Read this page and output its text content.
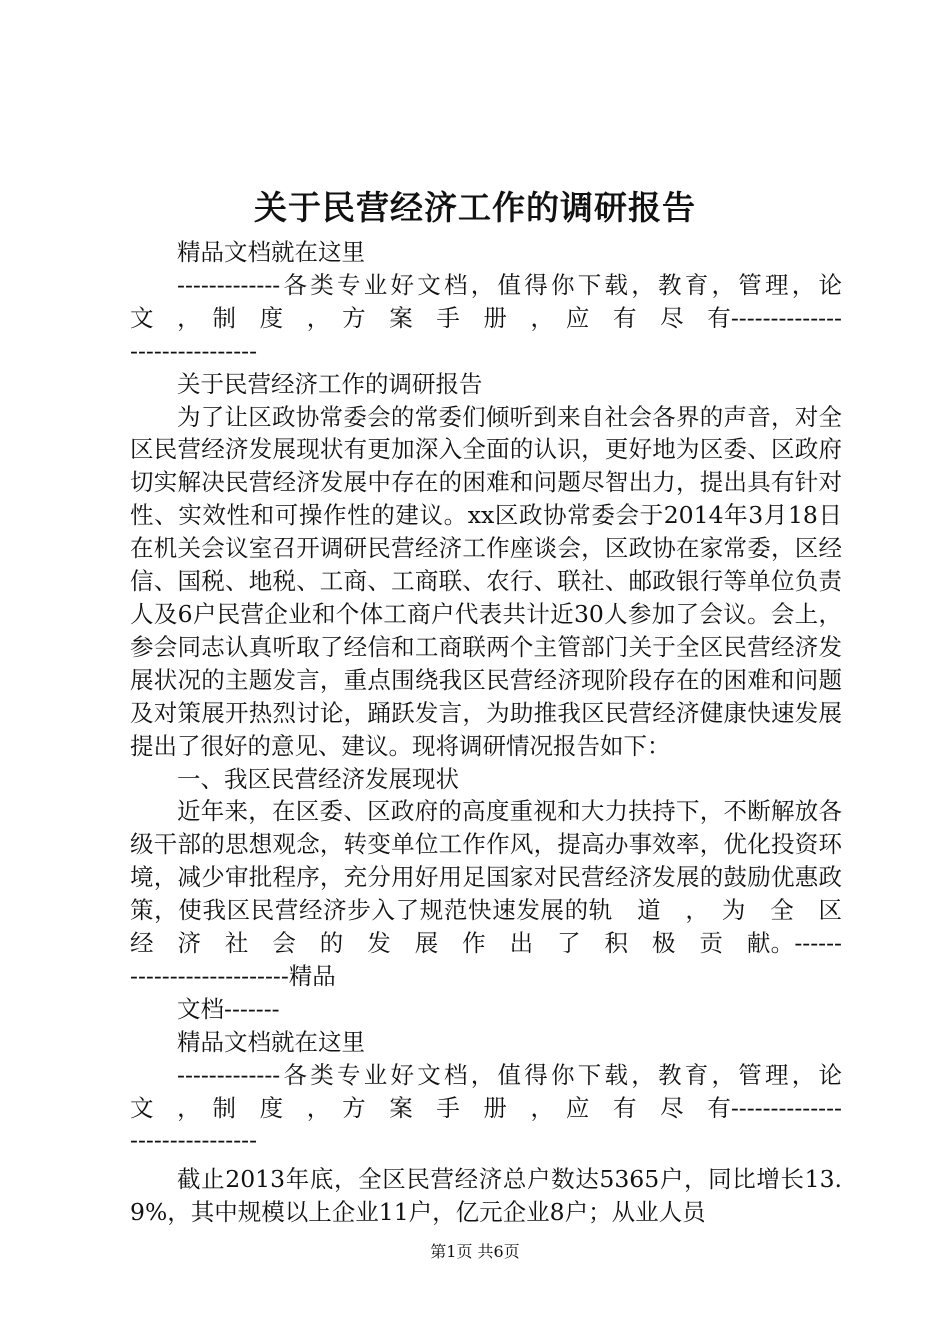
关于民营经济工作的调研报告

精品文档就在这里

-------------各类专业好文档，值得你下载，教育，管理，论　文　，　制　度　，　方　案　手　册　，　应　有　尽　有------------------------------

关于民营经济工作的调研报告

为了让区政协常委会的常委们倾听到来自社会各界的声音，对全区民营经济发展现状有更加深入全面的认识，更好地为区委、区政府切实解决民营经济发展中存在的困难和问题尽智出力，提出具有针对性、实效性和可操作性的建议。xx区政协常委会于2014年3月18日在机关会议室召开调研民营经济工作座谈会，区政协在家常委，区经信、国税、地税、工商、工商联、农行、联社、邮政银行等单位负责人及6户民营企业和个体工商户代表共计近30人参加了会议。会上，参会同志认真听取了经信和工商联两个主管部门关于全区民营经济发展状况的主题发言，重点围绕我区民营经济现阶段存在的困难和问题及对策展开热烈讨论，踊跃发言，为助推我区民营经济健康快速发展提出了很好的意见、建议。现将调研情况报告如下：

一、我区民营经济发展现状

近年来，在区委、区政府的高度重视和大力扶持下，不断解放各级干部的思想观念，转变单位工作作风，提高办事效率，优化投资环境，减少审批程序，充分用好用足国家对民营经济发展的鼓励优惠政策，使我区民营经济步入了规范快速发展的轨　道　，　为　全　区　经　济　社　会　的　发　展　作　出　了　积　极　贡　献。--------------------------精品

文档-------

精品文档就在这里

-------------各类专业好文档，值得你下载，教育，管理，论　文　，　制　度　，　方　案　手　册　，　应　有　尽　有------------------------------

截止2013年底，全区民营经济总户数达5365户，同比增长13.9%，其中规模以上企业11户，亿元企业8户；从业人员

第1页 共6页
